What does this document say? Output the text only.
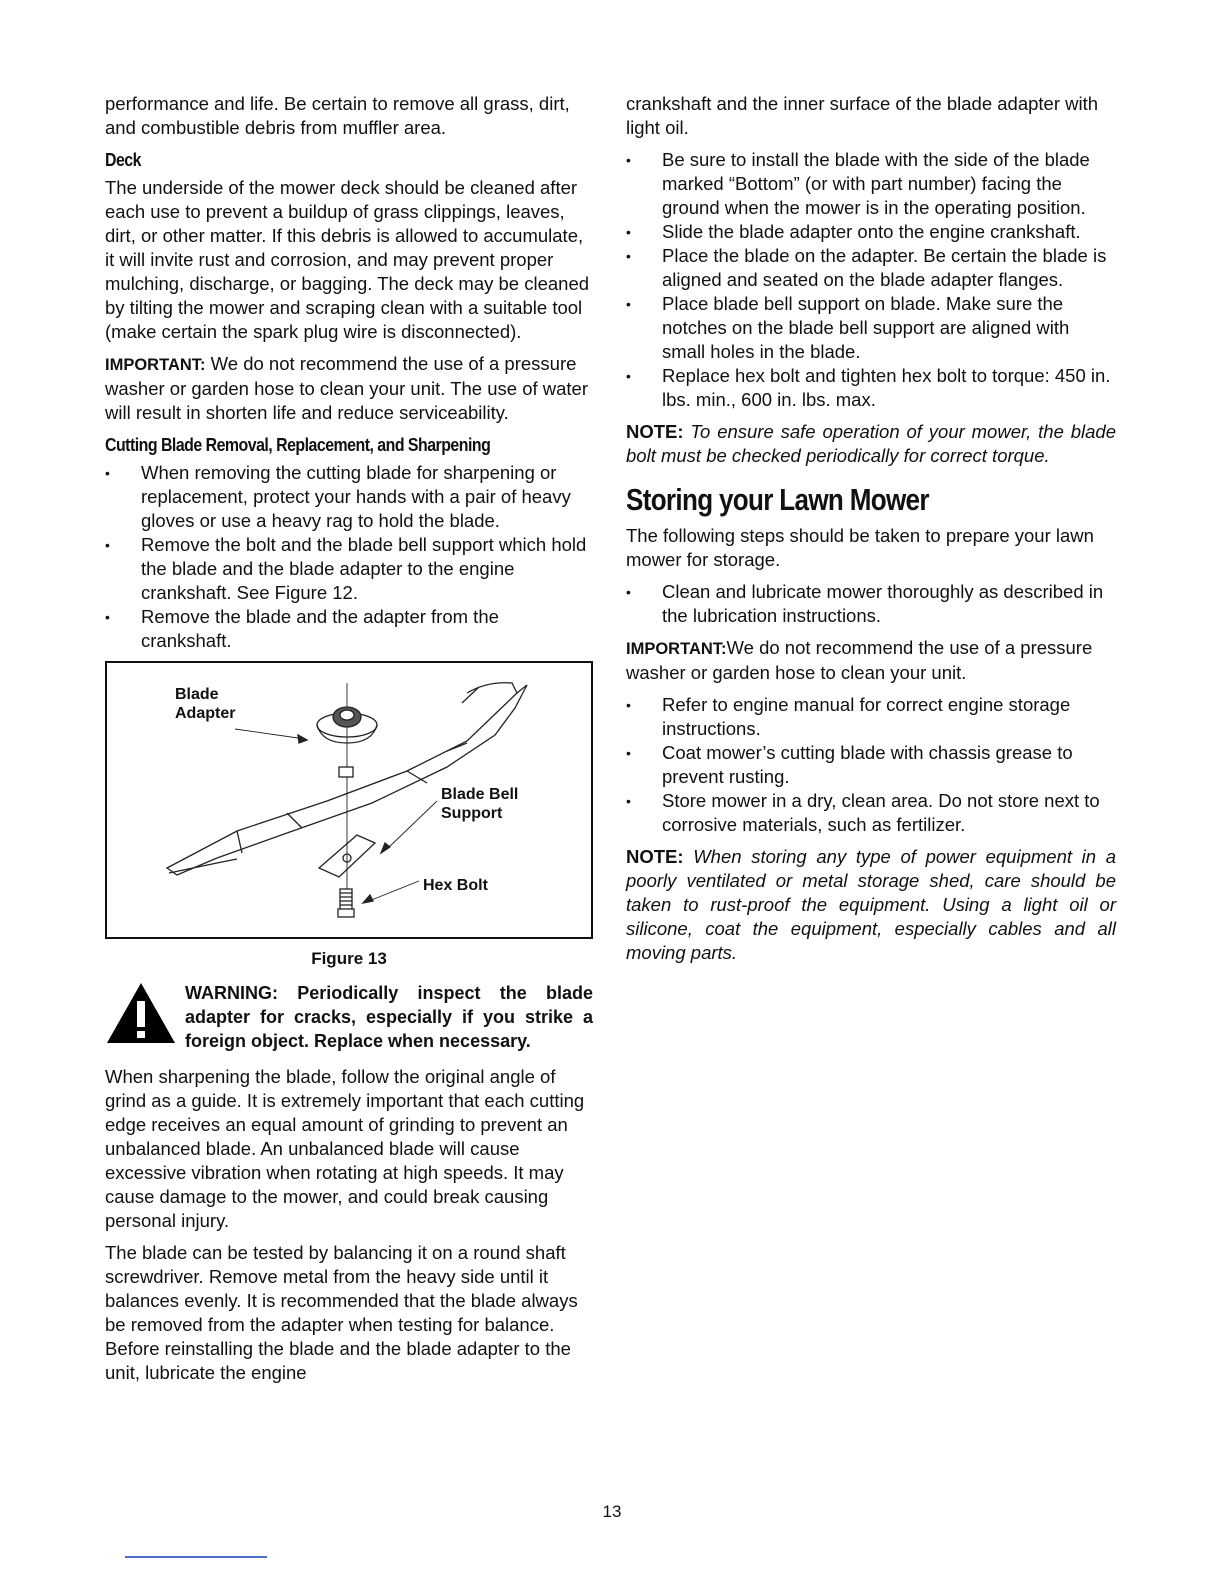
performance and life. Be certain to remove all grass, dirt, and combustible debris from muffler area.

Deck

The underside of the mower deck should be cleaned after each use to prevent a buildup of grass clippings, leaves, dirt, or other matter. If this debris is allowed to accumulate, it will invite rust and corrosion, and may prevent proper mulching, discharge, or bagging. The deck may be cleaned by tilting the mower and scraping clean with a suitable tool (make certain the spark plug wire is disconnected).

IMPORTANT: We do not recommend the use of a pressure washer or garden hose to clean your unit. The use of water will result in shorten life and reduce serviceability.

Cutting Blade Removal, Replacement, and Sharpening
• When removing the cutting blade for sharpening or replacement, protect your hands with a pair of heavy gloves or use a heavy rag to hold the blade.
• Remove the bolt and the blade bell support which hold the blade and the blade adapter to the engine crankshaft. See Figure 12.
• Remove the blade and the adapter from the crankshaft.
Blade
Adapter
Blade Bell
Support
Hex Bolt
Figure 13
WARNING: Periodically inspect the blade adapter for cracks, especially if you strike a foreign object. Replace when necessary.

When sharpening the blade, follow the original angle of grind as a guide. It is extremely important that each cutting edge receives an equal amount of grinding to prevent an unbalanced blade. An unbalanced blade will cause excessive vibration when rotating at high speeds. It may cause damage to the mower, and could break causing personal injury.

The blade can be tested by balancing it on a round shaft screwdriver. Remove metal from the heavy side until it balances evenly. It is recommended that the blade always be removed from the adapter when testing for balance. Before reinstalling the blade and the blade adapter to the unit, lubricate the engine

crankshaft and the inner surface of the blade adapter with light oil.

• Be sure to install the blade with the side of the blade marked “Bottom” (or with part number) facing the ground when the mower is in the operating position.
• Slide the blade adapter onto the engine crankshaft.
• Place the blade on the adapter. Be certain the blade is aligned and seated on the blade adapter flanges.
• Place blade bell support on blade. Make sure the notches on the blade bell support are aligned with small holes in the blade.
• Replace hex bolt and tighten hex bolt to torque: 450 in. lbs. min., 600 in. lbs. max.

NOTE: To ensure safe operation of your mower, the blade bolt must be checked periodically for correct torque.

Storing your Lawn Mower

The following steps should be taken to prepare your lawn mower for storage.

• Clean and lubricate mower thoroughly as described in the lubrication instructions.

IMPORTANT:We do not recommend the use of a pressure washer or garden hose to clean your unit.

• Refer to engine manual for correct engine storage instructions.
• Coat mower’s cutting blade with chassis grease to prevent rusting.
• Store mower in a dry, clean area. Do not store next to corrosive materials, such as fertilizer.

NOTE: When storing any type of power equipment in a poorly ventilated or metal storage shed, care should be taken to rust-proof the equipment. Using a light oil or silicone, coat the equipment, especially cables and all moving parts.

13
